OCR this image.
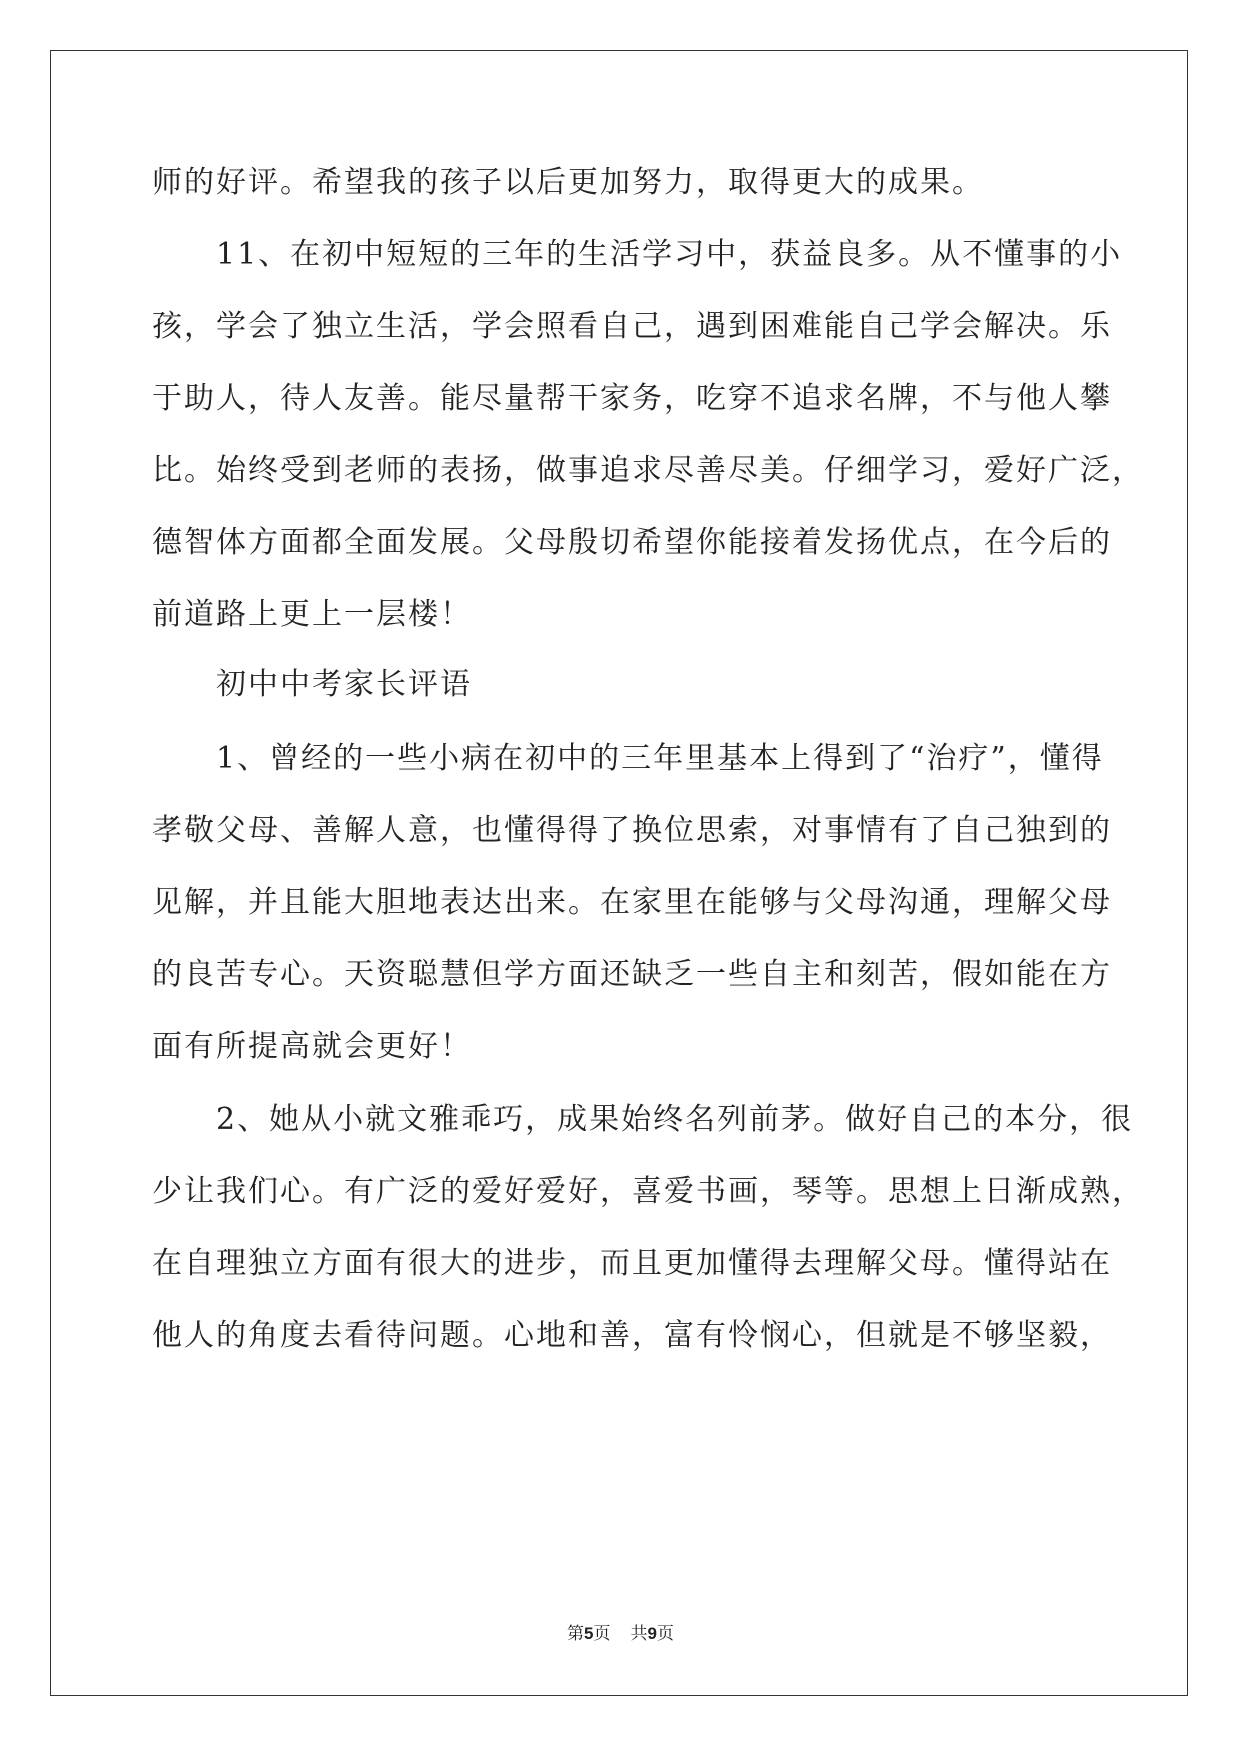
师的好评。希望我的孩子以后更加努力，取得更大的成果。
　　11、在初中短短的三年的生活学习中，获益良多。从不懂事的小
孩，学会了独立生活，学会照看自己，遇到困难能自己学会解决。乐
于助人，待人友善。能尽量帮干家务，吃穿不追求名牌，不与他人攀
比。始终受到老师的表扬，做事追求尽善尽美。仔细学习，爱好广泛，
德智体方面都全面发展。父母殷切希望你能接着发扬优点，在今后的
前道路上更上一层楼！
　　初中中考家长评语
　　1、曾经的一些小病在初中的三年里基本上得到了“治疗”，懂得
孝敬父母、善解人意，也懂得得了换位思索，对事情有了自己独到的
见解，并且能大胆地表达出来。在家里在能够与父母沟通，理解父母
的良苦专心。天资聪慧但学方面还缺乏一些自主和刻苦，假如能在方
面有所提高就会更好！
　　2、她从小就文雅乖巧，成果始终名列前茅。做好自己的本分，很
少让我们心。有广泛的爱好爱好，喜爱书画，琴等。思想上日渐成熟，
在自理独立方面有很大的进步，而且更加懂得去理解父母。懂得站在
他人的角度去看待问题。心地和善，富有怜悯心，但就是不够坚毅，
第5页 共9页
